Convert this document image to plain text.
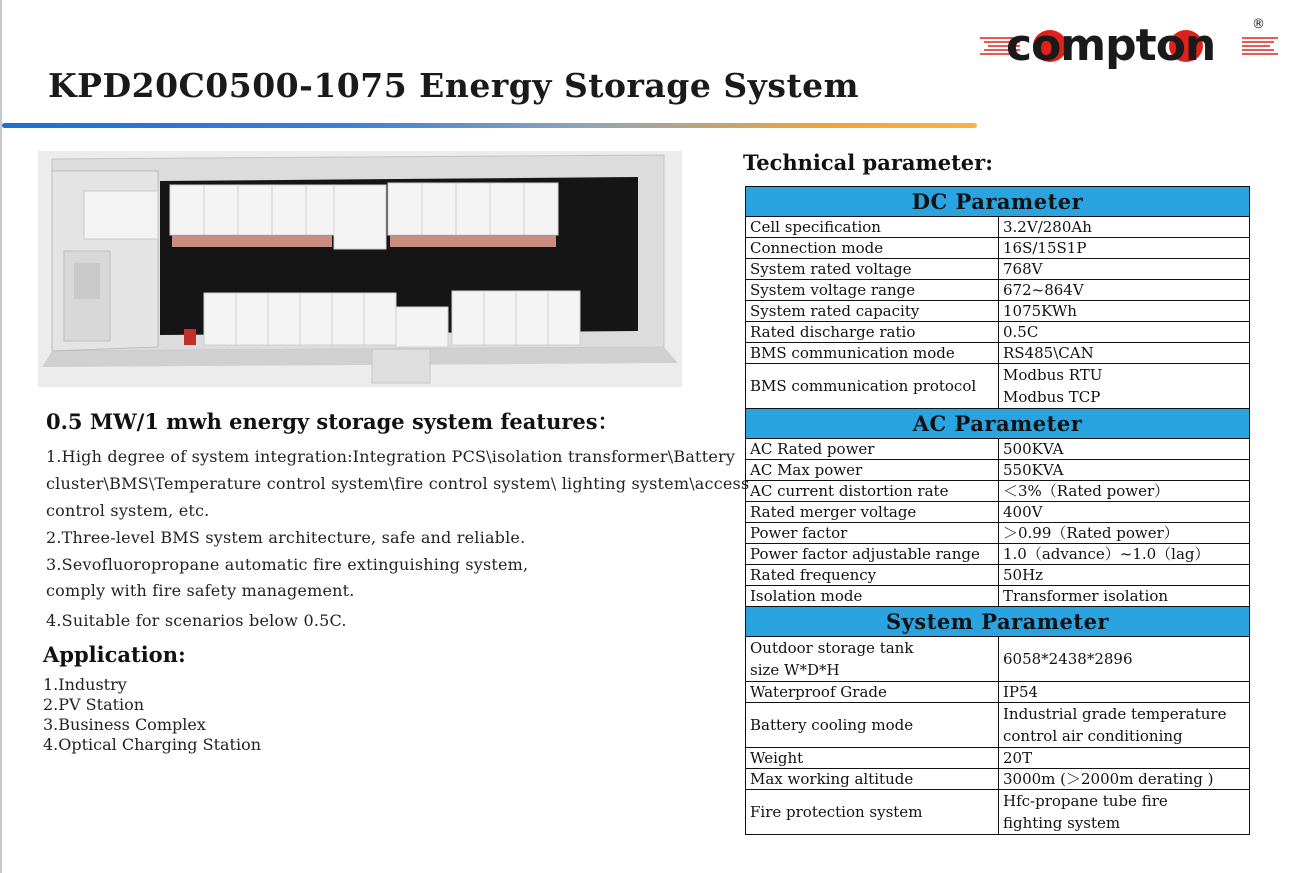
compton	®
KPD20C0500-1075 Energy Storage System
0.5 MW/1 mwh energy storage system features：
1.High degree of system integration:Integration PCS\isolation transformer\Battery
cluster\BMS\Temperature control system\fire control system\ lighting system\access
control system, etc.
2.Three-level BMS system architecture, safe and reliable.
3.Sevofluoropropane automatic fire extinguishing system,
comply with fire safety management.
4.Suitable for scenarios below 0.5C.
Application:
1.Industry
2.PV Station
3.Business Complex
4.Optical Charging Station
Technical parameter:
DC Parameter	
Cell specification	3.2V/280Ah
Connection mode	16S/15S1P
System rated voltage	768V
System voltage range	672~864V
System rated capacity	1075KWh
Rated discharge ratio	0.5C
BMS communication mode	RS485\CAN
BMS communication protocol	Modbus RTU
Modbus TCP

AC Parameter	
AC Rated power	500KVA
AC Max power	550KVA
AC current distortion rate	＜3%（Rated power）
Rated merger voltage	400V
Power factor	＞0.99（Rated power）
Power factor adjustable range	1.0（advance）~1.0（lag）
Rated frequency	50Hz
Isolation mode	Transformer isolation
System Parameter	

Outdoor storage tank
size W*D*H	6058*2438*2896
Waterproof Grade	IP54
Battery cooling mode	Industrial grade temperature
control air conditioning

Weight	20T
Max working altitude	3000m (＞2000m derating )
Fire protection system	Hfc-propane tube fire
fighting system
